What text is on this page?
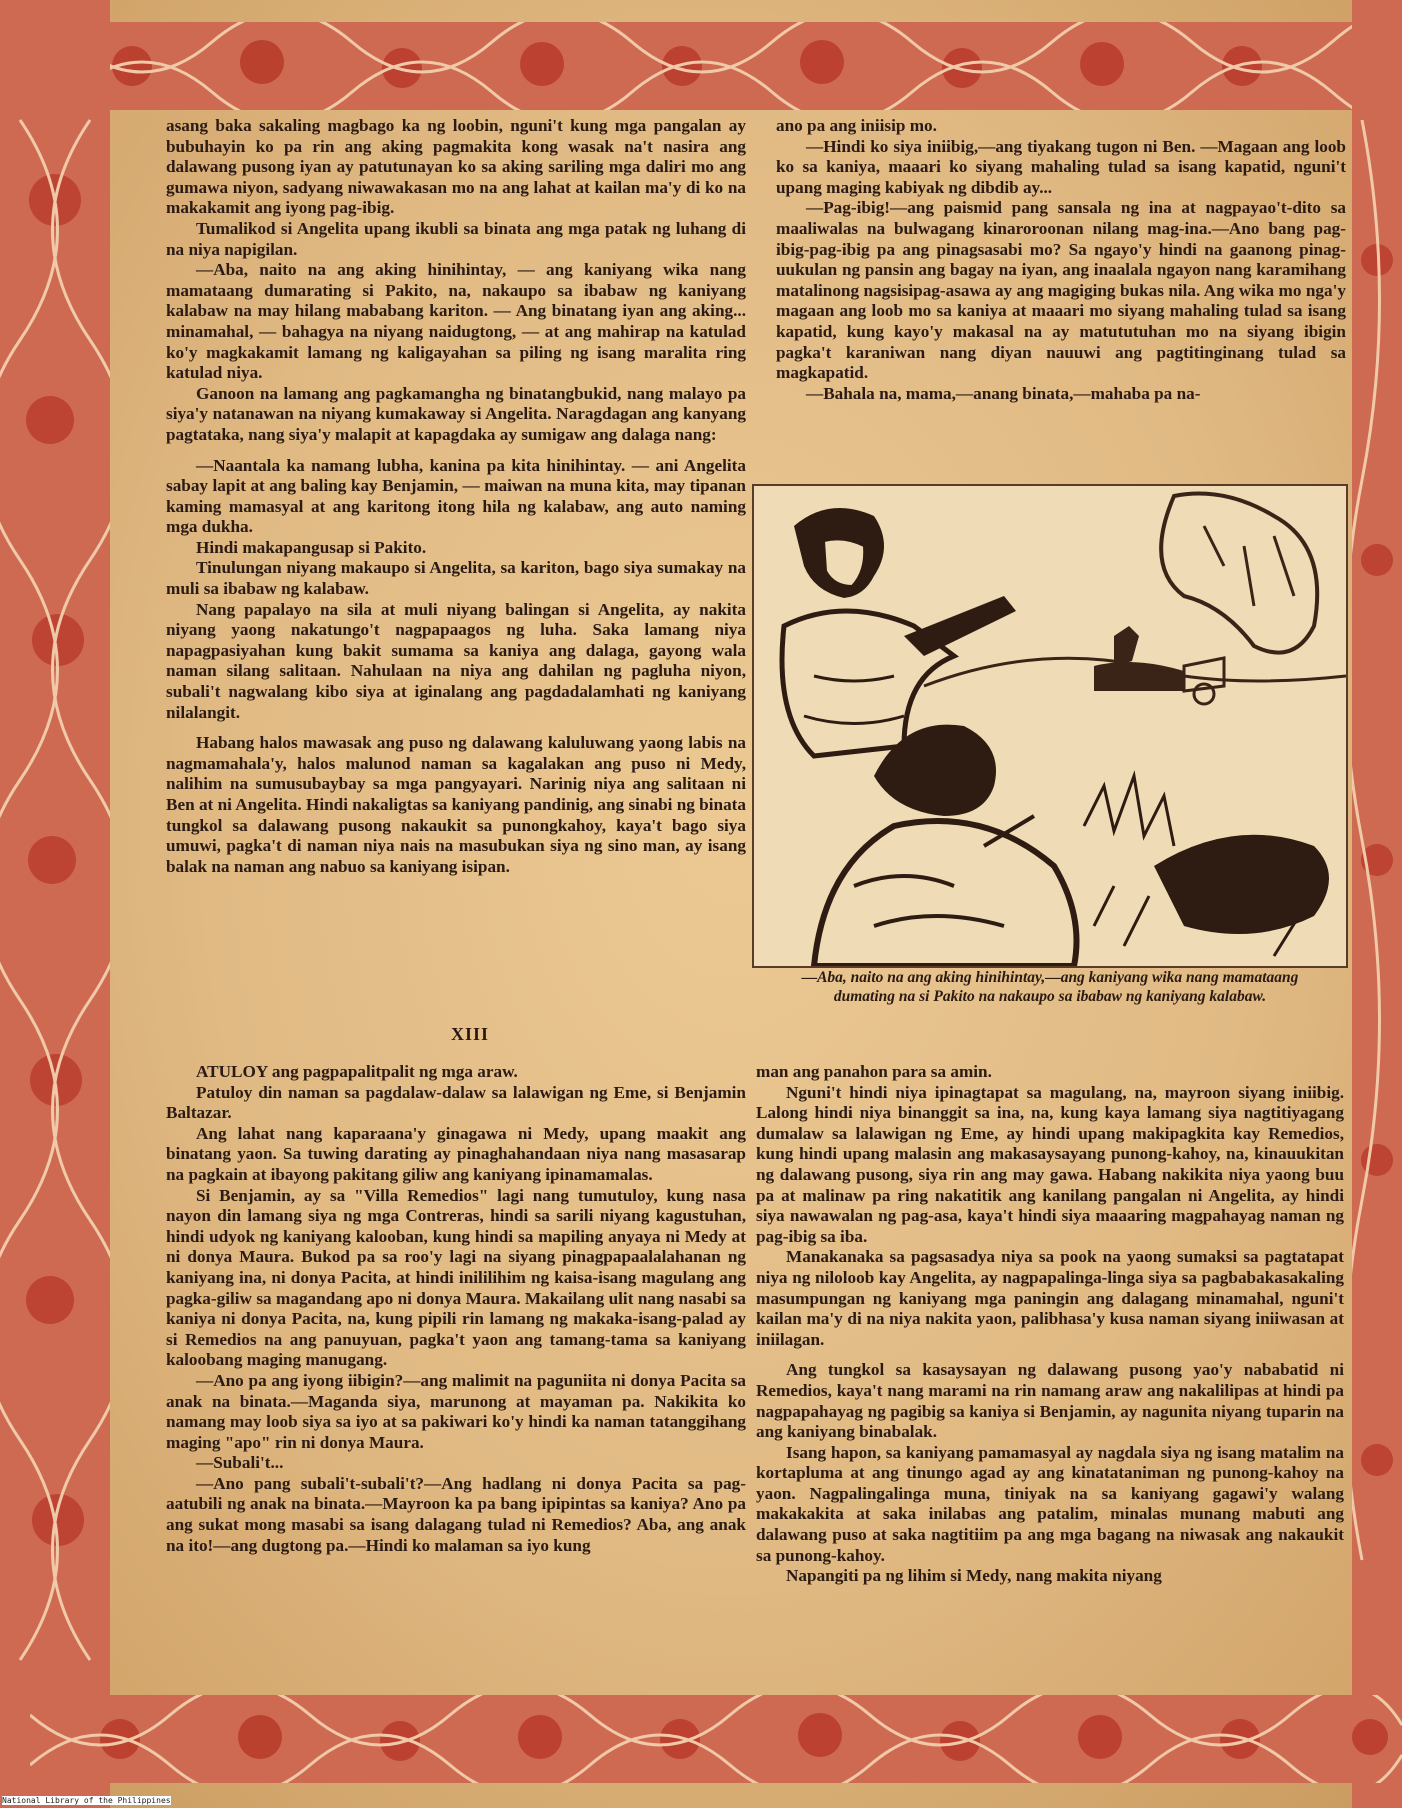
asang baka sakaling magbago ka ng loobin, nguni't kung mga pangalan ay bubuhayin ko pa rin ang aking pagmakita kong wasak na't nasira ang dalawang pusong iyan ay patutunayan ko sa aking sariling mga daliri mo ang gumawa niyon, sadyang niwawakasan mo na ang lahat at kailan ma'y di ko na makakamit ang iyong pag-ibig.

Tumalikod si Angelita upang ikubli sa binata ang mga patak ng luhang di na niya napigilan.

—Aba, naito na ang aking hinihintay, — ang kaniyang wika nang mamataang dumarating si Pakito, na, nakaupo sa ibabaw ng kaniyang kalabaw na may hilang mababang kariton. — Ang binatang iyan ang aking... minamahal, — bahagya na niyang naidugtong, — at ang mahirap na katulad ko'y magkakamit lamang ng kaligayahan sa piling ng isang maralita ring katulad niya.

Ganoon na lamang ang pagkamangha ng binatangbukid, nang malayo pa siya'y natanawan na niyang kumakaway si Angelita. Naragdagan ang kanyang pagtataka, nang siya'y malapit at kapagdaka ay sumigaw ang dalaga nang:

—Naantala ka namang lubha, kanina pa kita hinihintay. — ani Angelita sabay lapit at ang baling kay Benjamin, — maiwan na muna kita, may tipanan kaming mamasyal at ang karitong itong hila ng kalabaw, ang auto naming mga dukha.

Hindi makapangusap si Pakito.

Tinulungan niyang makaupo si Angelita, sa kariton, bago siya sumakay na muli sa ibabaw ng kalabaw.

Nang papalayo na sila at muli niyang balingan si Angelita, ay nakita niyang yaong nakatungo't nagpapaagos ng luha. Saka lamang niya napagpasiyahan kung bakit sumama sa kaniya ang dalaga, gayong wala naman silang salitaan. Nahulaan na niya ang dahilan ng pagluha niyon, subali't nagwalang kibo siya at iginalang ang pagdadalamhati ng kaniyang nilalangit.

Habang halos mawasak ang puso ng dalawang kaluluwang yaong labis na nagmamahala'y, halos malunod naman sa kagalakan ang puso ni Medy, nalihim na sumusubaybay sa mga pangyayari. Narinig niya ang salitaan ni Ben at ni Angelita. Hindi nakaligtas sa kaniyang pandinig, ang sinabi ng binata tungkol sa dalawang pusong nakaukit sa punongkahoy, kaya't bago siya umuwi, pagka't di naman niya nais na masubukan siya ng sino man, ay isang balak na naman ang nabuo sa kaniyang isipan.

ano pa ang iniisip mo.

—Hindi ko siya iniibig,—ang tiyakang tugon ni Ben. —Magaan ang loob ko sa kaniya, maaari ko siyang mahaling tulad sa isang kapatid, nguni't upang maging kabiyak ng dibdib ay...

—Pag-ibig!—ang paismid pang sansala ng ina at nagpayao't-dito sa maaliwalas na bulwagang kinaroroonan nilang mag-ina.—Ano bang pag-ibig-pag-ibig pa ang pinagsasabi mo? Sa ngayo'y hindi na gaanong pinag-uukulan ng pansin ang bagay na iyan, ang inaalala ngayon nang karamihang matalinong nagsisipag-asawa ay ang magiging bukas nila. Ang wika mo nga'y magaan ang loob mo sa kaniya at maaari mo siyang mahaling tulad sa isang kapatid, kung kayo'y makasal na ay matututuhan mo na siyang ibigin pagka't karaniwan nang diyan nauuwi ang pagtitinginang tulad sa magkapatid.

—Bahala na, mama,—anang binata,—mahaba pa na-

—Aba, naito na ang aking hinihintay,—ang kaniyang wika nang mamataang dumating na si Pakito na nakaupo sa ibabaw ng kaniyang kalabaw.
XIII

ATULOY ang pagpapalitpalit ng mga araw.

Patuloy din naman sa pagdalaw-dalaw sa lalawigan ng Eme, si Benjamin Baltazar.

Ang lahat nang kaparaana'y ginagawa ni Medy, upang maakit ang binatang yaon. Sa tuwing darating ay pinaghahandaan niya nang masasarap na pagkain at ibayong pakitang giliw ang kaniyang ipinamamalas.

Si Benjamin, ay sa "Villa Remedios" lagi nang tumutuloy, kung nasa nayon din lamang siya ng mga Contreras, hindi sa sarili niyang kagustuhan, hindi udyok ng kaniyang kalooban, kung hindi sa mapiling anyaya ni Medy at ni donya Maura. Bukod pa sa roo'y lagi na siyang pinagpapaalalahanan ng kaniyang ina, ni donya Pacita, at hindi inililihim ng kaisa-isang magulang ang pagka-giliw sa magandang apo ni donya Maura. Makailang ulit nang nasabi sa kaniya ni donya Pacita, na, kung pipili rin lamang ng makaka-isang-palad ay si Remedios na ang panuyuan, pagka't yaon ang tamang-tama sa kaniyang kaloobang maging manugang.

—Ano pa ang iyong iibigin?—ang malimit na paguniita ni donya Pacita sa anak na binata.—Maganda siya, marunong at mayaman pa. Nakikita ko namang may loob siya sa iyo at sa pakiwari ko'y hindi ka naman tatanggihang maging "apo" rin ni donya Maura.

—Subali't...

—Ano pang subali't-subali't?—Ang hadlang ni donya Pacita sa pag-aatubili ng anak na binata.—Mayroon ka pa bang ipipintas sa kaniya? Ano pa ang sukat mong masabi sa isang dalagang tulad ni Remedios? Aba, ang anak na ito!—ang dugtong pa.—Hindi ko malaman sa iyo kung

man ang panahon para sa amin.

Nguni't hindi niya ipinagtapat sa magulang, na, mayroon siyang iniibig. Lalong hindi niya binanggit sa ina, na, kung kaya lamang siya nagtitiyagang dumalaw sa lalawigan ng Eme, ay hindi upang makipagkita kay Remedios, kung hindi upang malasin ang makasaysayang punong-kahoy, na, kinauukitan ng dalawang pusong, siya rin ang may gawa. Habang nakikita niya yaong buu pa at malinaw pa ring nakatitik ang kanilang pangalan ni Angelita, ay hindi siya nawawalan ng pag-asa, kaya't hindi siya maaaring magpahayag naman ng pag-ibig sa iba.

Manakanaka sa pagsasadya niya sa pook na yaong sumaksi sa pagtatapat niya ng niloloob kay Angelita, ay nagpapalinga-linga siya sa pagbabakasakaling masumpungan ng kaniyang mga paningin ang dalagang minamahal, nguni't kailan ma'y di na niya nakita yaon, palibhasa'y kusa naman siyang iniiwasan at iniilagan.

Ang tungkol sa kasaysayan ng dalawang pusong yao'y nababatid ni Remedios, kaya't nang marami na rin namang araw ang nakalilipas at hindi pa nagpapahayag ng pagibig sa kaniya si Benjamin, ay nagunita niyang tuparin na ang kaniyang binabalak.

Isang hapon, sa kaniyang pamamasyal ay nagdala siya ng isang matalim na kortapluma at ang tinungo agad ay ang kinatataniman ng punong-kahoy na yaon. Nagpalingalinga muna, tiniyak na sa kaniyang gagawi'y walang makakakita at saka inilabas ang patalim, minalas munang mabuti ang dalawang puso at saka nagtitiim pa ang mga bagang na niwasak ang nakaukit sa punong-kahoy.

Napangiti pa ng lihim si Medy, nang makita niyang

National Library of the Philippines
